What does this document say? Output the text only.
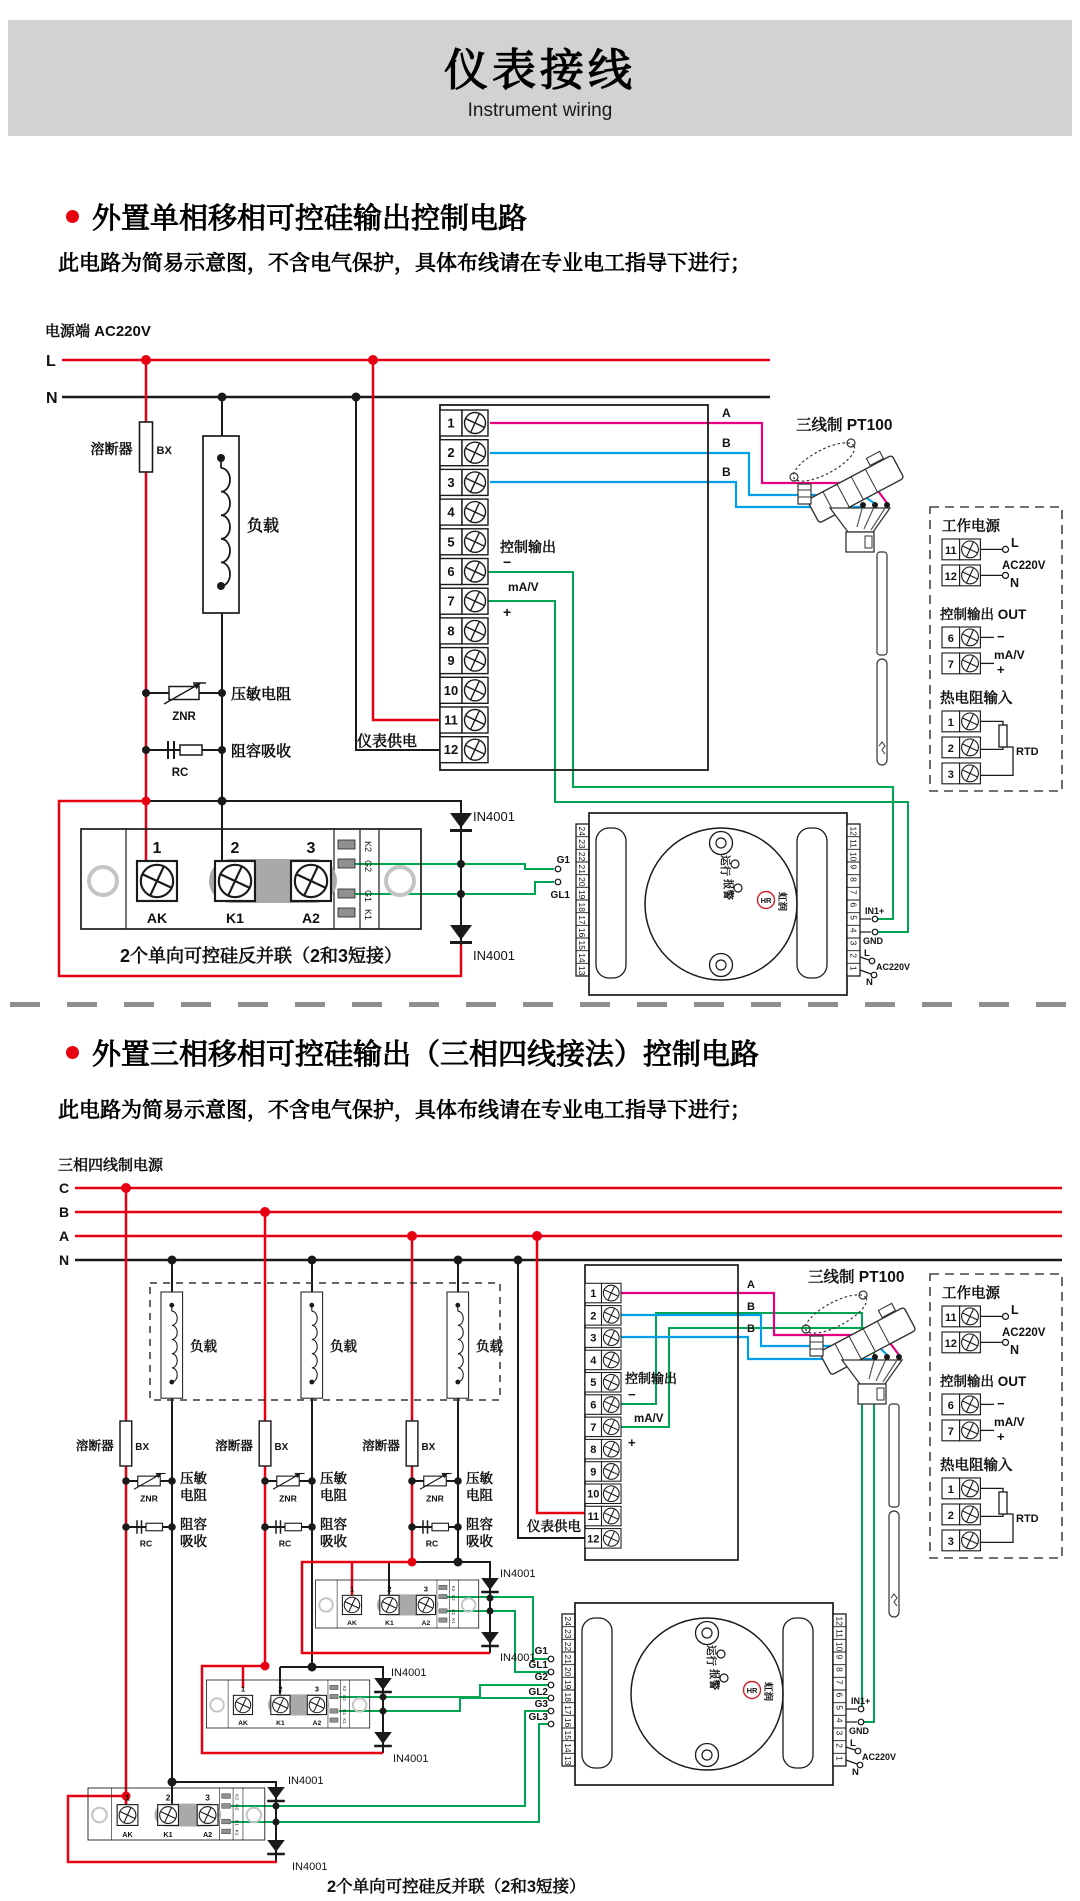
仪表接线
Instrument wiring
外置单相移相可控硅输出控制电路
此电路为简易示意图，不含电气保护，具体布线请在专业电工指导下进行；
外置三相移相可控硅输出（三相四线接法）控制电路
此电路为简易示意图，不含电气保护，具体布线请在专业电工指导下进行；
1
2
3
4
5
6
7
8
9
10
11
12
电源端 AC220V
L
N
负载
压敏电阻
阻容吸收
仪表供电
控制输出
−
mA/V
+
A
B
B
IN4001
IN4001
G1
GL1
2个单向可控硅反并联（2和3短接）
1
2
3
4
5
6
7
8
9
10
11
12
三相四线制电源
C
B
A
N
负载	负载	负载
压敏
电阻
阻容
吸收
压敏
电阻
阻容
吸收
压敏
电阻
阻容
吸收
仪表供电
控制输出
−
mA/V
+
A
B
B
IN4001
IN4001
IN4001
IN4001
IN4001
IN4001
G1
GL1
G2
GL2
G3
GL3
2个单向可控硅反并联（2和3短接）
